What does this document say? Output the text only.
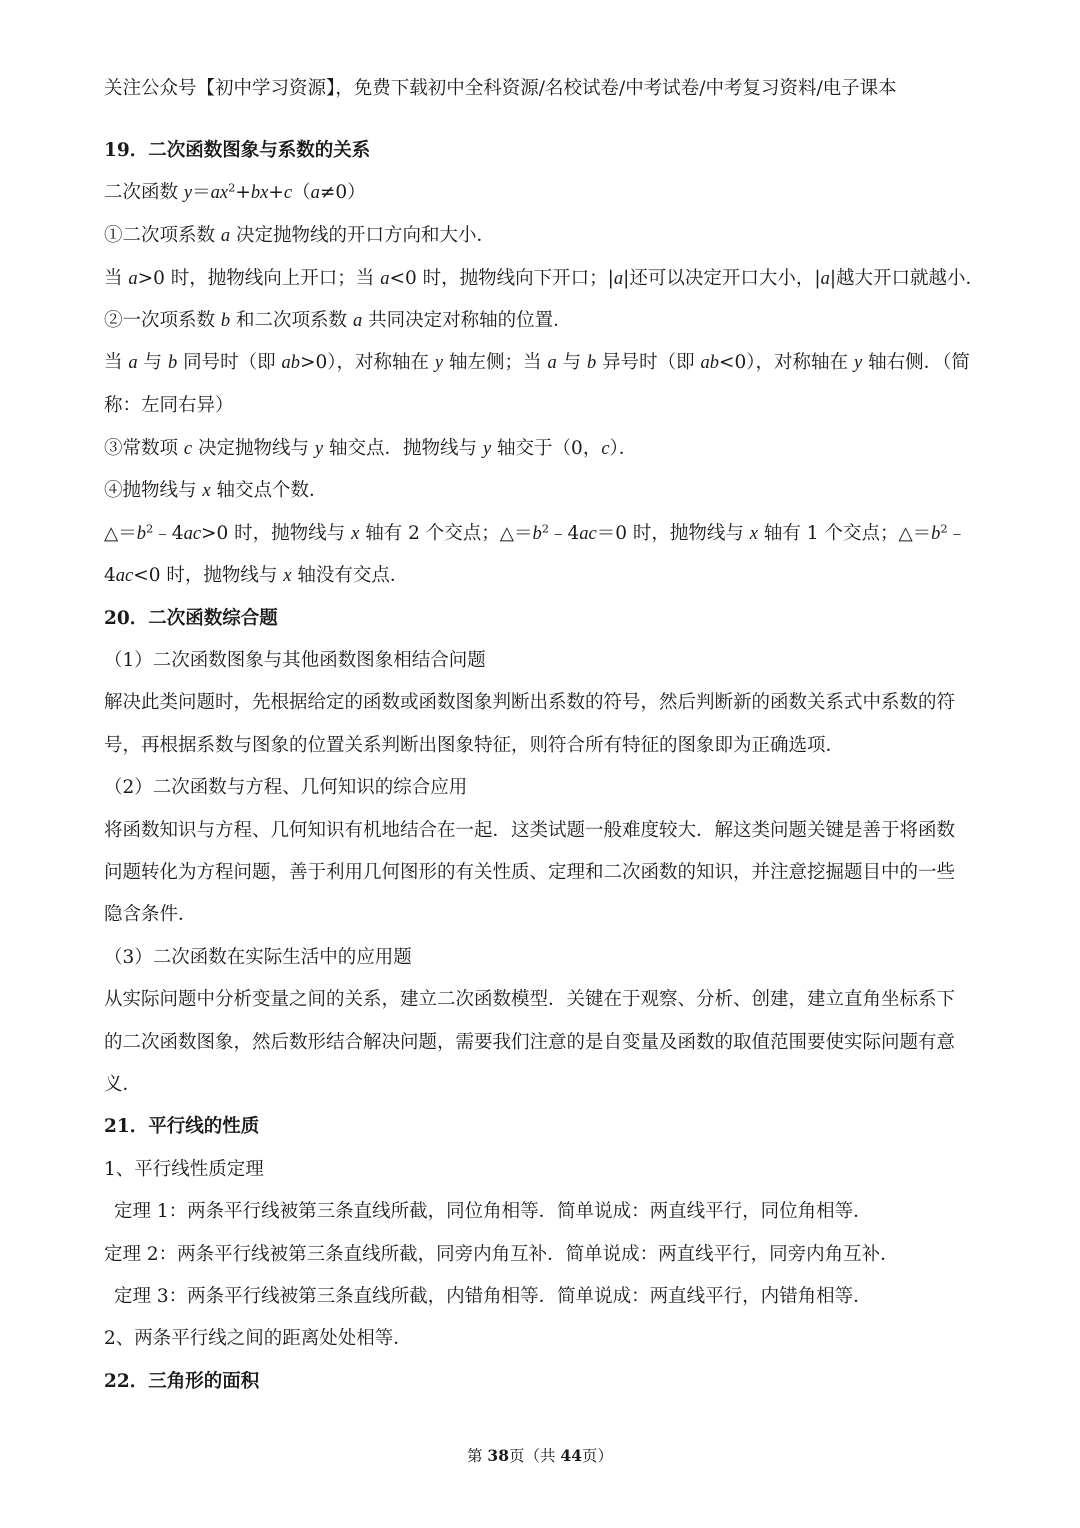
关注公众号【初中学习资源】，免费下载初中全科资源/名校试卷/中考试卷/中考复习资料/电子课本
19．二次函数图象与系数的关系
二次函数 $y=ax^2+bx+c(a\ne 0)$
①二次项系数 a 决定抛物线的开口方向和大小．
当 a>0 时，抛物线向上开口；当 a<0 时，抛物线向下开口；|a|还可以决定开口大小，|a|越大开口就越小．
②一次项系数 b 和二次项系数 a 共同决定对称轴的位置．
当 a 与 b 同号时（即 ab>0），对称轴在 y 轴左侧；当 a 与 b 异号时（即 ab<0），对称轴在 y 轴右侧．（简
称：左同右异）
③常数项 c 决定抛物线与 y 轴交点．抛物线与 y 轴交于（0，c）．
④抛物线与 x 轴交点个数．
$\triangle=b^2﹣4ac>0$ 时，抛物线与 x 轴有 2 个交点；$\triangle=b^2﹣4ac=0$ 时，抛物线与 x 轴有 1 个交点；$\triangle=b^2﹣$
4ac<0 时，抛物线与 x 轴没有交点．
20．二次函数综合题
（1）二次函数图象与其他函数图象相结合问题
解决此类问题时，先根据给定的函数或函数图象判断出系数的符号，然后判断新的函数关系式中系数的符
号，再根据系数与图象的位置关系判断出图象特征，则符合所有特征的图象即为正确选项．
（2）二次函数与方程、几何知识的综合应用
将函数知识与方程、几何知识有机地结合在一起．这类试题一般难度较大．解这类问题关键是善于将函数
问题转化为方程问题，善于利用几何图形的有关性质、定理和二次函数的知识，并注意挖掘题目中的一些
隐含条件．
（3）二次函数在实际生活中的应用题
从实际问题中分析变量之间的关系，建立二次函数模型．关键在于观察、分析、创建，建立直角坐标系下
的二次函数图象，然后数形结合解决问题，需要我们注意的是自变量及函数的取值范围要使实际问题有意
义．
21．平行线的性质
1、平行线性质定理
定理 1：两条平行线被第三条直线所截，同位角相等．简单说成：两直线平行，同位角相等．
定理 2：两条平行线被第三条直线所截，同旁内角互补．简单说成：两直线平行，同旁内角互补．
定理 3：两条平行线被第三条直线所截，内错角相等．简单说成：两直线平行，内错角相等．
2、两条平行线之间的距离处处相等．
22．三角形的面积
第 38页（共 44页）
